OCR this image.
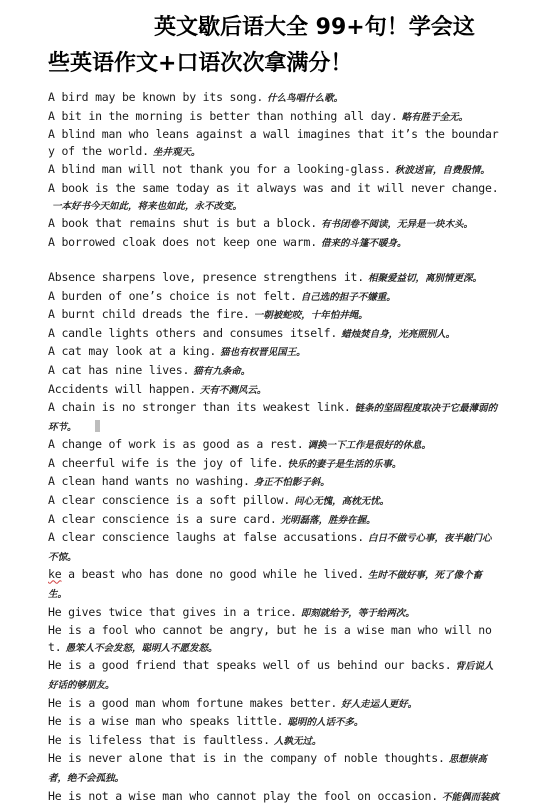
英文歇后语大全 99+句！学会这
些英语作文+口语次次拿满分！

A bird may be known by its song. 什么鸟唱什么歌。

A bit in the morning is better than nothing all day. 略有胜于全无。

A blind man who leans against a wall imagines that it’s the boundary of the world. 坐井观天。

A blind man will not thank you for a looking-glass. 秋波送盲，自费殷情。

A book is the same today as it always was and it will never change.一本好书今天如此，将来也如此，永不改变。

A book that remains shut is but a block. 有书闭卷不阅读，无异是一块木头。

A borrowed cloak does not keep one warm. 借来的斗篷不暖身。

Absence sharpens love, presence strengthens it. 相聚爱益切，离别情更深。

A burden of one’s choice is not felt. 自己选的担子不嫌重。

A burnt child dreads the fire. 一朝被蛇咬，十年怕井绳。

A candle lights others and consumes itself. 蜡烛焚自身，光亮照别人。

A cat may look at a king. 猫也有权晋见国王。

A cat has nine lives. 猫有九条命。

Accidents will happen. 天有不测风云。

A chain is no stronger than its weakest link. 链条的坚固程度取决于它最薄弱的环节。

A change of work is as good as a rest. 调换一下工作是很好的休息。

A cheerful wife is the joy of life. 快乐的妻子是生活的乐事。

A clean hand wants no washing. 身正不怕影子斜。

A clear conscience is a soft pillow. 问心无愧，高枕无忧。

A clear conscience is a sure card. 光明磊落，胜券在握。

A clear conscience laughs at false accusations. 白日不做亏心事，夜半敲门心不惊。

ke a beast who has done no good while he lived. 生时不做好事，死了像个畜生。

He gives twice that gives in a trice. 即刻就给予，等于给两次。

He is a fool who cannot be angry, but he is a wise man who will not. 愚笨人不会发怒，聪明人不愿发怒。

He is a good friend that speaks well of us behind our backs. 背后说人好话的够朋友。

He is a good man whom fortune makes better. 好人走运人更好。

He is a wise man who speaks little. 聪明的人话不多。

He is lifeless that is faultless. 人孰无过。

He is never alone that is in the company of noble thoughts. 思想崇高者，绝不会孤独。

He is not a wise man who cannot play the fool on occasion. 不能偶而装疯
